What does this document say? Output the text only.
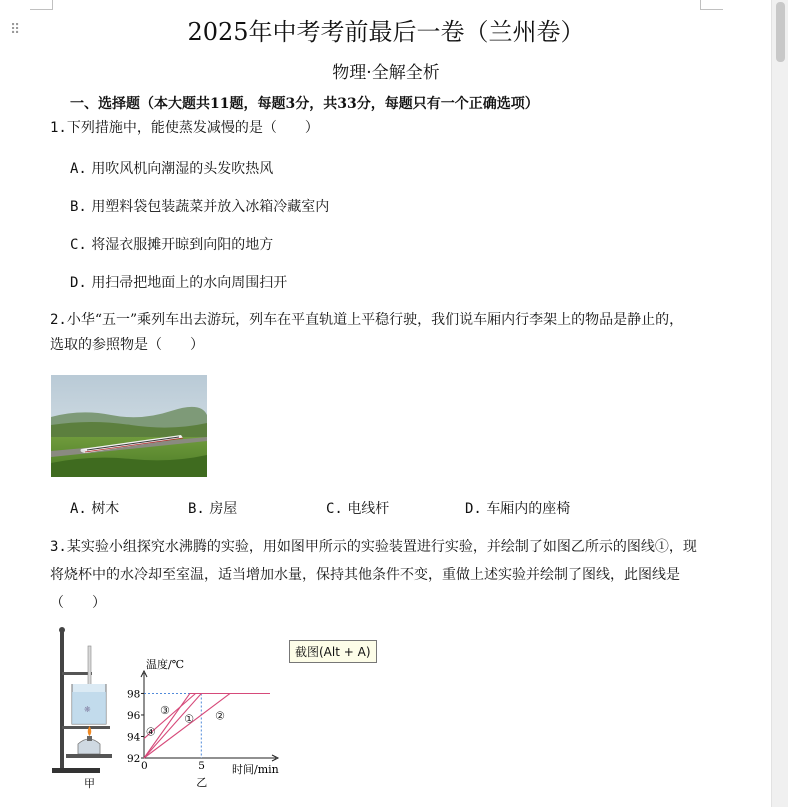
⠿	2025年中考考前最后一卷（兰州卷）
物理·全解全析
一、选择题（本大题共11题，每题3分，共33分，每题只有一个正确选项）
1.下列措施中，能使蒸发减慢的是（　　）
A. 用吹风机向潮湿的头发吹热风
B. 用塑料袋包装蔬菜并放入冰箱冷藏室内
C. 将湿衣服摊开晾到向阳的地方
D. 用扫帚把地面上的水向周围扫开
2.小华“五一”乘列车出去游玩，列车在平直轨道上平稳行驶，我们说车厢内行李架上的物品是静止的，
选取的参照物是（　　）
A. 树木	B. 房屋	C. 电线杆	D. 车厢内的座椅
3.某实验小组探究水沸腾的实验，用如图甲所示的实验装置进行实验，并绘制了如图乙所示的图线①，现
将烧杯中的水冷却至室温，适当增加水量，保持其他条件不变，重做上述实验并绘制了图线，此图线是
（　　）
❋
甲
温度/℃
时间/min
92
94
96
98
0	5
① ②
③
④
乙
截图(Alt + A)
